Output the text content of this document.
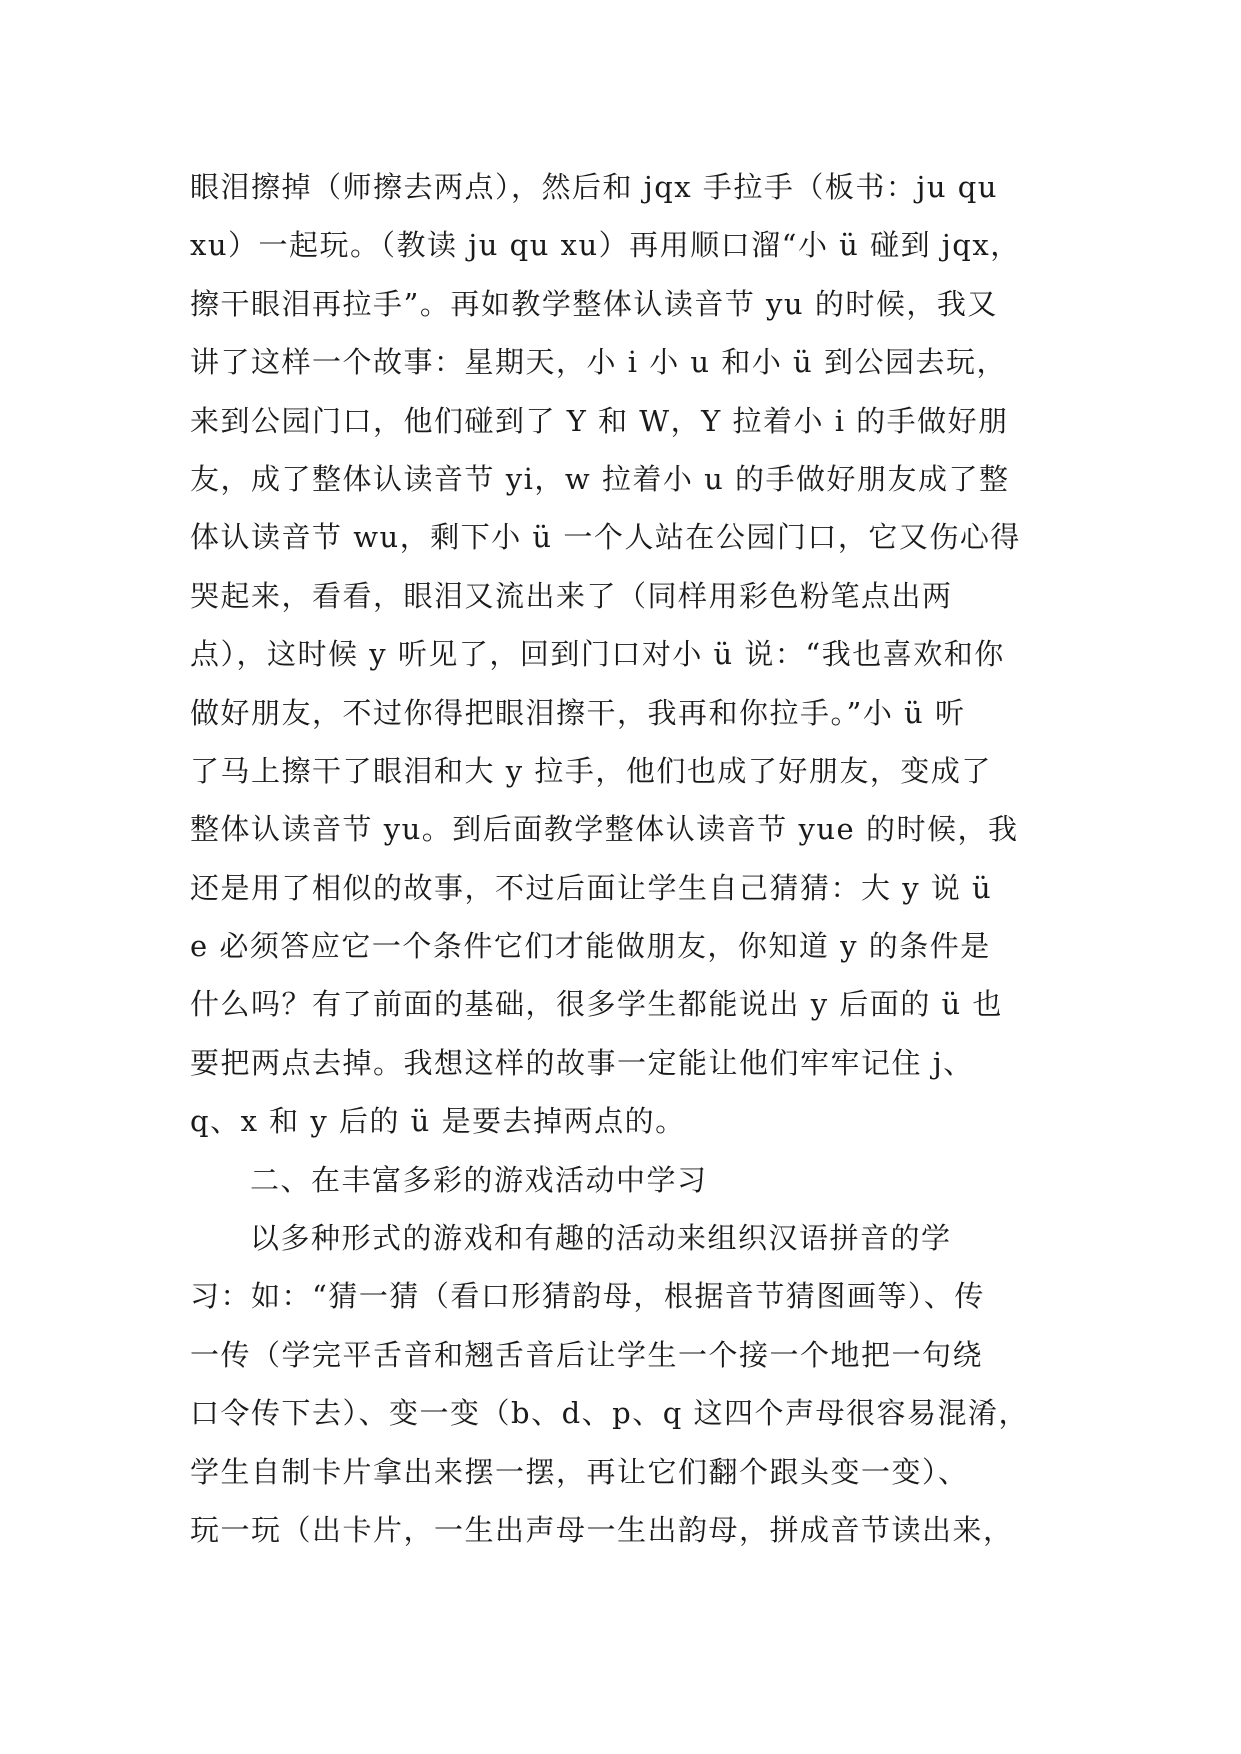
眼泪擦掉（师擦去两点），然后和 jqx 手拉手（板书：ju qu
xu）一起玩。（教读 ju qu xu）再用顺口溜“小 ü 碰到 jqx，
擦干眼泪再拉手”。再如教学整体认读音节 yu 的时候，我又
讲了这样一个故事：星期天，小 i 小 u 和小 ü 到公园去玩，
来到公园门口，他们碰到了 Y 和 W，Y 拉着小 i 的手做好朋
友，成了整体认读音节 yi，w 拉着小 u 的手做好朋友成了整
体认读音节 wu，剩下小 ü 一个人站在公园门口，它又伤心得
哭起来，看看，眼泪又流出来了（同样用彩色粉笔点出两
点），这时候 y 听见了，回到门口对小 ü 说：“我也喜欢和你
做好朋友，不过你得把眼泪擦干，我再和你拉手。”小 ü 听
了马上擦干了眼泪和大 y 拉手，他们也成了好朋友，变成了
整体认读音节 yu。到后面教学整体认读音节 yue 的时候，我
还是用了相似的故事，不过后面让学生自己猜猜：大 y 说 ü
e 必须答应它一个条件它们才能做朋友，你知道 y 的条件是
什么吗？有了前面的基础，很多学生都能说出 y 后面的 ü 也
要把两点去掉。我想这样的故事一定能让他们牢牢记住 j、
q、x 和 y 后的 ü 是要去掉两点的。
二、在丰富多彩的游戏活动中学习
以多种形式的游戏和有趣的活动来组织汉语拼音的学
习：如：“猜一猜（看口形猜韵母，根据音节猜图画等）、传
一传（学完平舌音和翘舌音后让学生一个接一个地把一句绕
口令传下去）、变一变（b、d、p、q 这四个声母很容易混淆，
学生自制卡片拿出来摆一摆，再让它们翻个跟头变一变）、
玩一玩（出卡片，一生出声母一生出韵母，拼成音节读出来，
